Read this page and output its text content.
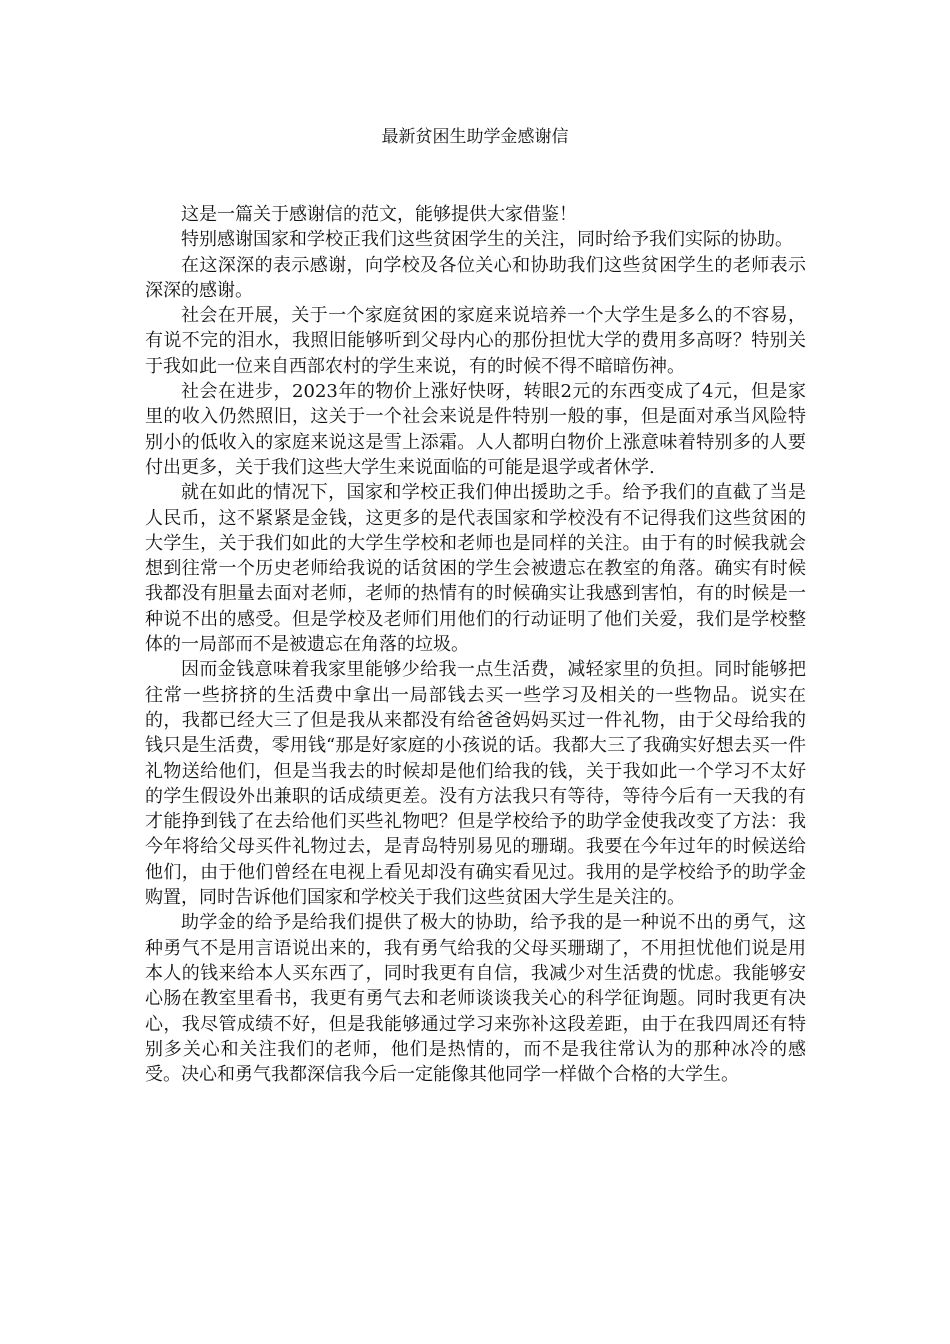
最新贫困生助学金感谢信

这是一篇关于感谢信的范文，能够提供大家借鉴！

特别感谢国家和学校正我们这些贫困学生的关注，同时给予我们实际的协助。

在这深深的表示感谢，向学校及各位关心和协助我们这些贫困学生的老师表示深深的感谢。

社会在开展，关于一个家庭贫困的家庭来说培养一个大学生是多么的不容易，有说不完的泪水，我照旧能够听到父母内心的那份担忧大学的费用多高呀？特别关于我如此一位来自西部农村的学生来说，有的时候不得不暗暗伤神。

社会在进步，2023年的物价上涨好快呀，转眼2元的东西变成了4元，但是家里的收入仍然照旧，这关于一个社会来说是件特别一般的事，但是面对承当风险特别小的低收入的家庭来说这是雪上添霜。人人都明白物价上涨意味着特别多的人要付出更多，关于我们这些大学生来说面临的可能是退学或者休学.

就在如此的情况下，国家和学校正我们伸出援助之手。给予我们的直截了当是人民币，这不紧紧是金钱，这更多的是代表国家和学校没有不记得我们这些贫困的大学生，关于我们如此的大学生学校和老师也是同样的关注。由于有的时候我就会想到往常一个历史老师给我说的话贫困的学生会被遗忘在教室的角落。确实有时候我都没有胆量去面对老师，老师的热情有的时候确实让我感到害怕，有的时候是一种说不出的感受。但是学校及老师们用他们的行动证明了他们关爱，我们是学校整体的一局部而不是被遗忘在角落的垃圾。

因而金钱意味着我家里能够少给我一点生活费，减轻家里的负担。同时能够把往常一些挤挤的生活费中拿出一局部钱去买一些学习及相关的一些物品。说实在的，我都已经大三了但是我从来都没有给爸爸妈妈买过一件礼物，由于父母给我的钱只是生活费，零用钱“那是好家庭的小孩说的话。我都大三了我确实好想去买一件礼物送给他们，但是当我去的时候却是他们给我的钱，关于我如此一个学习不太好的学生假设外出兼职的话成绩更差。没有方法我只有等待，等待今后有一天我的有才能挣到钱了在去给他们买些礼物吧？但是学校给予的助学金使我改变了方法：我今年将给父母买件礼物过去，是青岛特别易见的珊瑚。我要在今年过年的时候送给他们，由于他们曾经在电视上看见却没有确实看见过。我用的是学校给予的助学金购置，同时告诉他们国家和学校关于我们这些贫困大学生是关注的。

助学金的给予是给我们提供了极大的协助，给予我的是一种说不出的勇气，这种勇气不是用言语说出来的，我有勇气给我的父母买珊瑚了，不用担忧他们说是用本人的钱来给本人买东西了，同时我更有自信，我减少对生活费的忧虑。我能够安心肠在教室里看书，我更有勇气去和老师谈谈我关心的科学征询题。同时我更有决心，我尽管成绩不好，但是我能够通过学习来弥补这段差距，由于在我四周还有特别多关心和关注我们的老师，他们是热情的，而不是我往常认为的那种冰冷的感受。决心和勇气我都深信我今后一定能像其他同学一样做个合格的大学生。
